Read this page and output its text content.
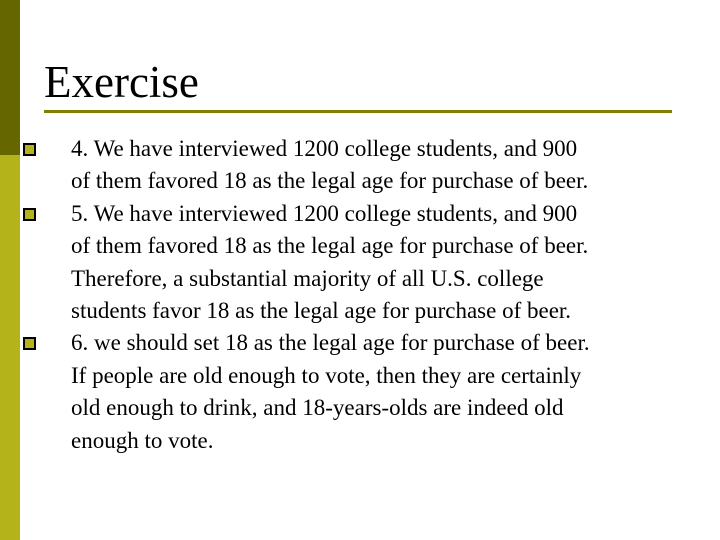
Exercise
4. We have interviewed 1200 college students, and 900
of them favored 18 as the legal age for purchase of beer.
5. We have interviewed 1200 college students, and 900
of them favored 18 as the legal age for purchase of beer.
Therefore, a substantial majority of all U.S. college
students favor 18 as the legal age for purchase of beer.
6. we should set 18 as the legal age for purchase of beer.
If people are old enough to vote, then they are certainly
old enough to drink, and 18-years-olds are indeed old
enough to vote.
